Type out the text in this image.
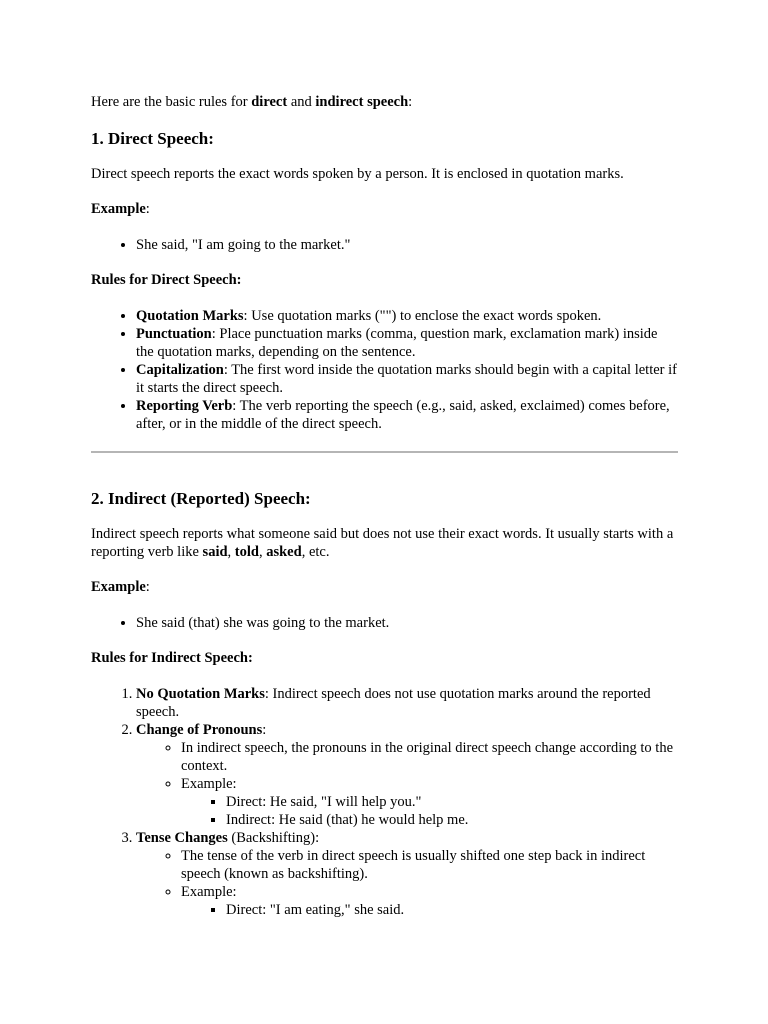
Here are the basic rules for direct and indirect speech:

1. Direct Speech:

Direct speech reports the exact words spoken by a person. It is enclosed in quotation marks.

Example:

• She said, "I am going to the market."

Rules for Direct Speech:

• Quotation Marks: Use quotation marks ("") to enclose the exact words spoken.
• Punctuation: Place punctuation marks (comma, question mark, exclamation mark) inside the quotation marks, depending on the sentence.
• Capitalization: The first word inside the quotation marks should begin with a capital letter if it starts the direct speech.
• Reporting Verb: The verb reporting the speech (e.g., said, asked, exclaimed) comes before, after, or in the middle of the direct speech.
2. Indirect (Reported) Speech:

Indirect speech reports what someone said but does not use their exact words. It usually starts with a reporting verb like said, told, asked, etc.

Example:

• She said (that) she was going to the market.

Rules for Indirect Speech:

1. No Quotation Marks: Indirect speech does not use quotation marks around the reported speech.
2. Change of Pronouns:
◦ In indirect speech, the pronouns in the original direct speech change according to the context.
◦ Example:
▪ Direct: He said, "I will help you."
▪ Indirect: He said (that) he would help me.
3. Tense Changes (Backshifting):
◦ The tense of the verb in direct speech is usually shifted one step back in indirect speech (known as backshifting).
◦ Example:
▪ Direct: "I am eating," she said.
